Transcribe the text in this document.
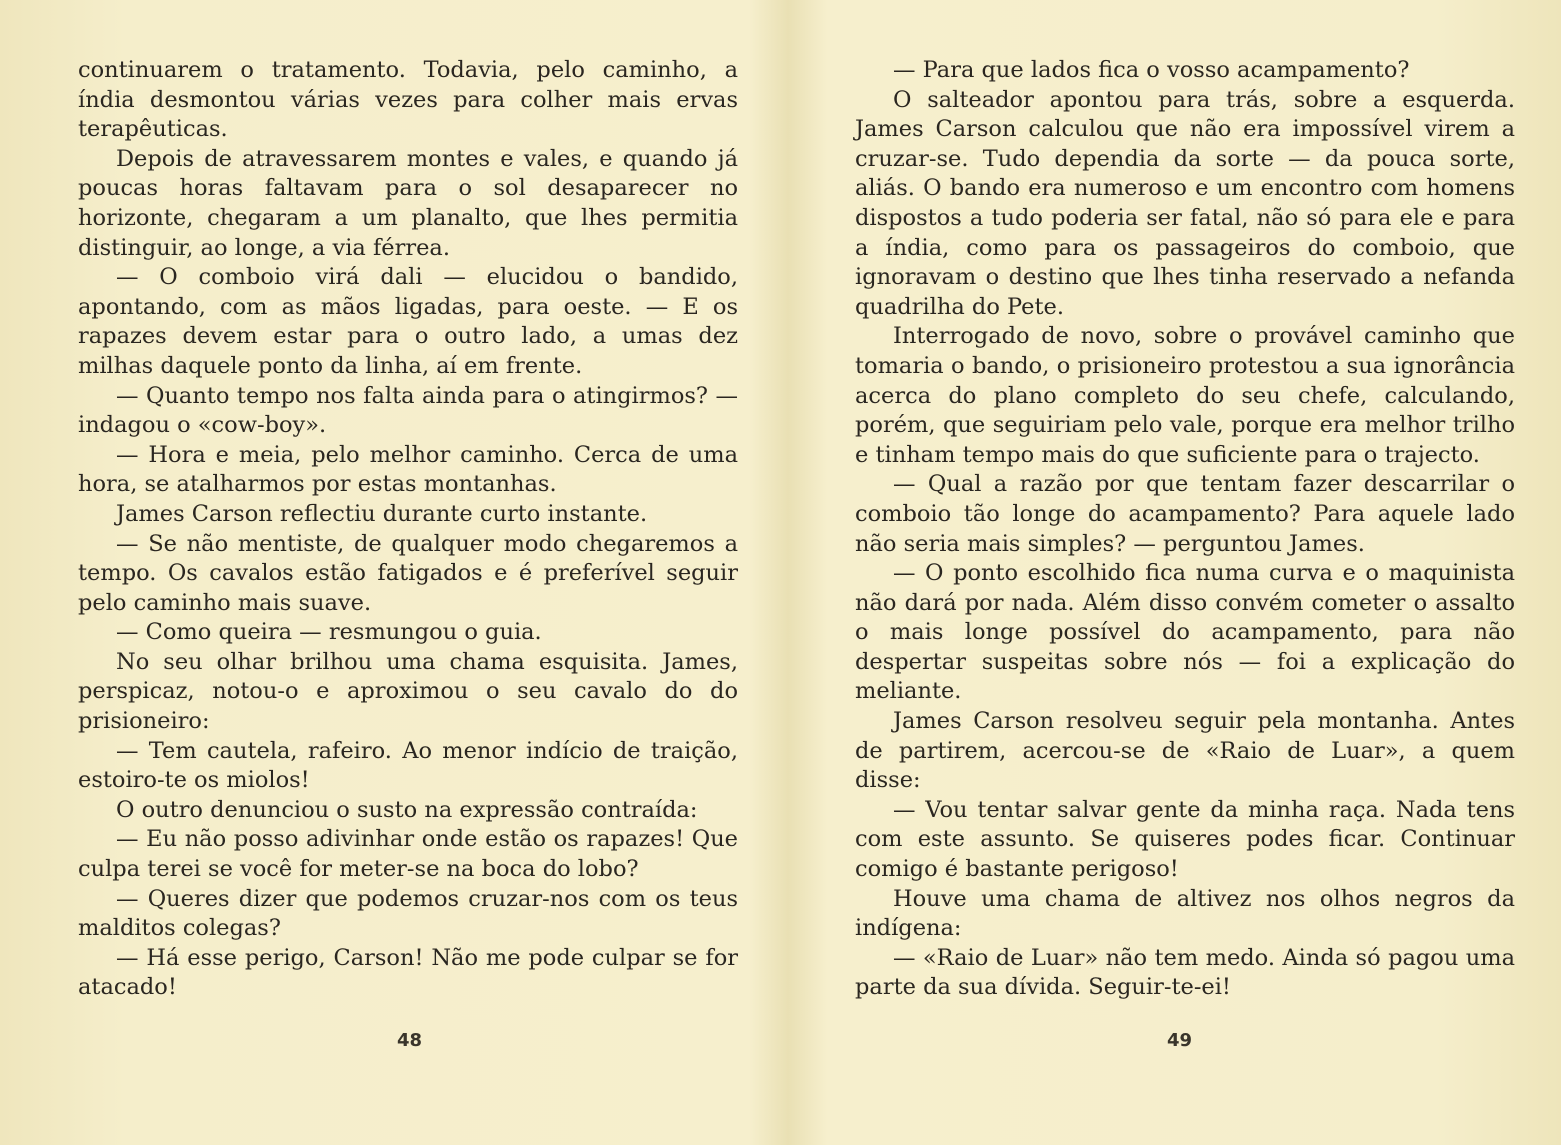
continuarem o tratamento. Todavia, pelo caminho, a índia desmontou várias vezes para colher mais ervas terapêuticas.

Depois de atravessarem montes e vales, e quando já poucas horas faltavam para o sol desaparecer no horizonte, chegaram a um planalto, que lhes permitia distinguir, ao longe, a via férrea.

— O comboio virá dali — elucidou o bandido, apontando, com as mãos ligadas, para oeste. — E os rapazes devem estar para o outro lado, a umas dez milhas daquele ponto da linha, aí em frente.

— Quanto tempo nos falta ainda para o atingirmos? — indagou o «cow-boy».

— Hora e meia, pelo melhor caminho. Cerca de uma hora, se atalharmos por estas montanhas.

James Carson reflectiu durante curto instante.

— Se não mentiste, de qualquer modo chegaremos a tempo. Os cavalos estão fatigados e é preferível seguir pelo caminho mais suave.

— Como queira — resmungou o guia.

No seu olhar brilhou uma chama esquisita. James, perspicaz, notou-o e aproximou o seu cavalo do do prisioneiro:

— Tem cautela, rafeiro. Ao menor indício de traição, estoiro-te os miolos!

O outro denunciou o susto na expressão contraída:

— Eu não posso adivinhar onde estão os rapazes! Que culpa terei se você for meter-se na boca do lobo?

— Queres dizer que podemos cruzar-nos com os teus malditos colegas?

— Há esse perigo, Carson! Não me pode culpar se for atacado!

48

— Para que lados fica o vosso acampamento?

O salteador apontou para trás, sobre a esquerda. James Carson calculou que não era impossível virem a cruzar-se. Tudo dependia da sorte — da pouca sorte, aliás. O bando era numeroso e um encontro com homens dispostos a tudo poderia ser fatal, não só para ele e para a índia, como para os passageiros do comboio, que ignoravam o destino que lhes tinha reservado a nefanda quadrilha do Pete.

Interrogado de novo, sobre o provável caminho que tomaria o bando, o prisioneiro protestou a sua ignorância acerca do plano completo do seu chefe, calculando, porém, que seguiriam pelo vale, porque era melhor trilho e tinham tempo mais do que suficiente para o trajecto.

— Qual a razão por que tentam fazer descarrilar o comboio tão longe do acampamento? Para aquele lado não seria mais simples? — perguntou James.

— O ponto escolhido fica numa curva e o maquinista não dará por nada. Além disso convém cometer o assalto o mais longe possível do acampamento, para não despertar suspeitas sobre nós — foi a explicação do meliante.

James Carson resolveu seguir pela montanha. Antes de partirem, acercou-se de «Raio de Luar», a quem disse:

— Vou tentar salvar gente da minha raça. Nada tens com este assunto. Se quiseres podes ficar. Continuar comigo é bastante perigoso!

Houve uma chama de altivez nos olhos negros da indígena:

— «Raio de Luar» não tem medo. Ainda só pagou uma parte da sua dívida. Seguir-te-ei!

49
